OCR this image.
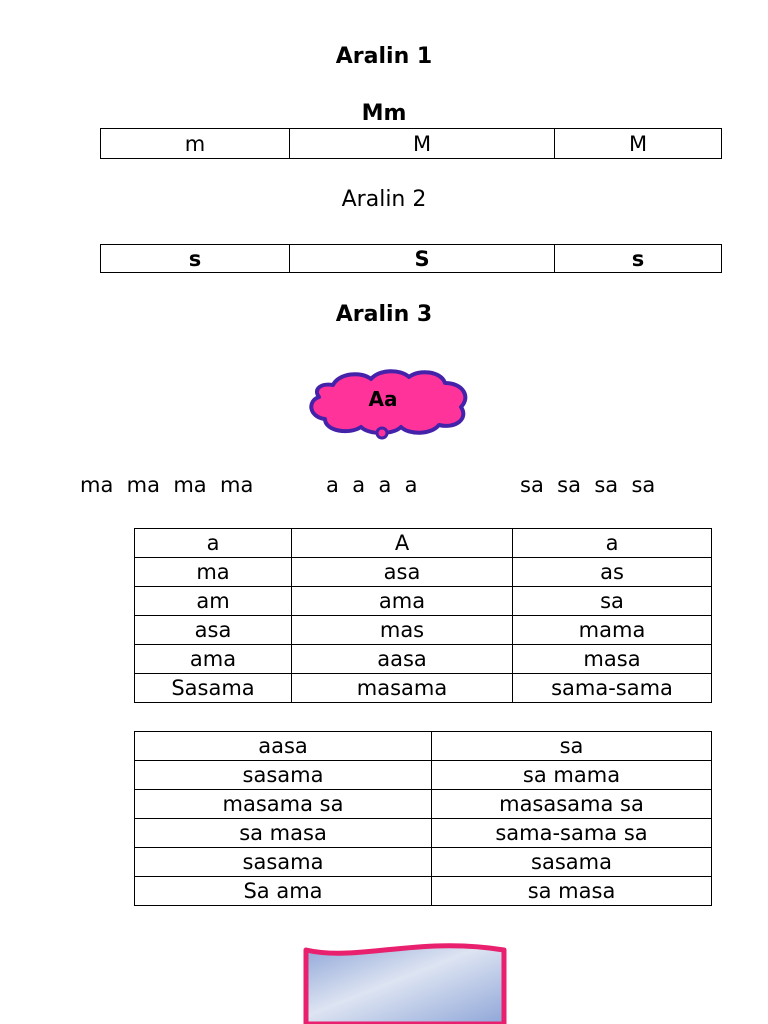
Aralin 1
Mm
m	M	M
Aralin 2
s	S	s
Aralin 3
Aa
ma  ma  ma  ma	a  a  a  a	sa  sa  sa  sa
a	A	a
ma	asa	as
am	ama	sa
asa	mas	mama
ama	aasa	masa
Sasama	masama	sama-sama
aasa	sa
sasama	sa mama
masama sa	masasama sa
sa masa	sama-sama sa
sasama	sasama
Sa ama	sa masa
